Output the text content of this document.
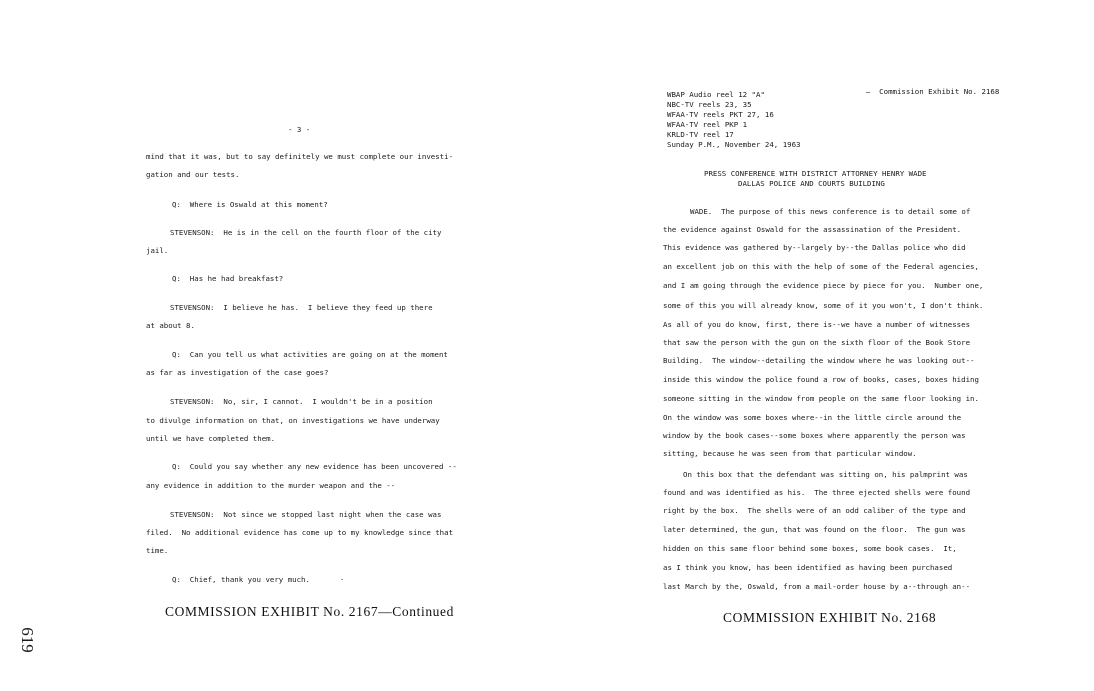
- 3 -
mind that it was, but to say definitely we must complete our investi-
gation and our tests.
Q:  Where is Oswald at this moment?
STEVENSON:  He is in the cell on the fourth floor of the city
jail.
Q:  Has he had breakfast?
STEVENSON:  I believe he has.  I believe they feed up there
at about 8.
Q:  Can you tell us what activities are going on at the moment
as far as investigation of the case goes?
STEVENSON:  No, sir, I cannot.  I wouldn't be in a position
to divulge information on that, on investigations we have underway
until we have completed them.
Q:  Could you say whether any new evidence has been uncovered --
any evidence in addition to the murder weapon and the --
STEVENSON:  Not since we stopped last night when the case was
filed.  No additional evidence has come up to my knowledge since that
time.
Q:  Chief, thank you very much.
COMMISSION EXHIBIT No. 2167—Continued
619
·

—  Commission Exhibit No. 2168

WBAP Audio reel 12 "A"
NBC-TV reels 23, 35
WFAA-TV reels PKT 27, 16
WFAA-TV reel PKP 1
KRLD-TV reel 17
Sunday P.M., November 24, 1963
PRESS CONFERENCE WITH DISTRICT ATTORNEY HENRY WADE
DALLAS POLICE AND COURTS BUILDING
WADE.  The purpose of this news conference is to detail some of
the evidence against Oswald for the assassination of the President.
This evidence was gathered by--largely by--the Dallas police who did
an excellent job on this with the help of some of the Federal agencies,
and I am going through the evidence piece by piece for you.  Number one,
some of this you will already know, some of it you won't, I don't think.
As all of you do know, first, there is--we have a number of witnesses
that saw the person with the gun on the sixth floor of the Book Store
Building.  The window--detailing the window where he was looking out--
inside this window the police found a row of books, cases, boxes hiding
someone sitting in the window from people on the same floor looking in.
On the window was some boxes where--in the little circle around the
window by the book cases--some boxes where apparently the person was
sitting, because he was seen from that particular window.
On this box that the defendant was sitting on, his palmprint was
found and was identified as his.  The three ejected shells were found
right by the box.  The shells were of an odd caliber of the type and
later determined, the gun, that was found on the floor.  The gun was
hidden on this same floor behind some boxes, some book cases.  It,
as I think you know, has been identified as having been purchased
last March by the, Oswald, from a mail-order house by a--through an--
COMMISSION EXHIBIT No. 2168
